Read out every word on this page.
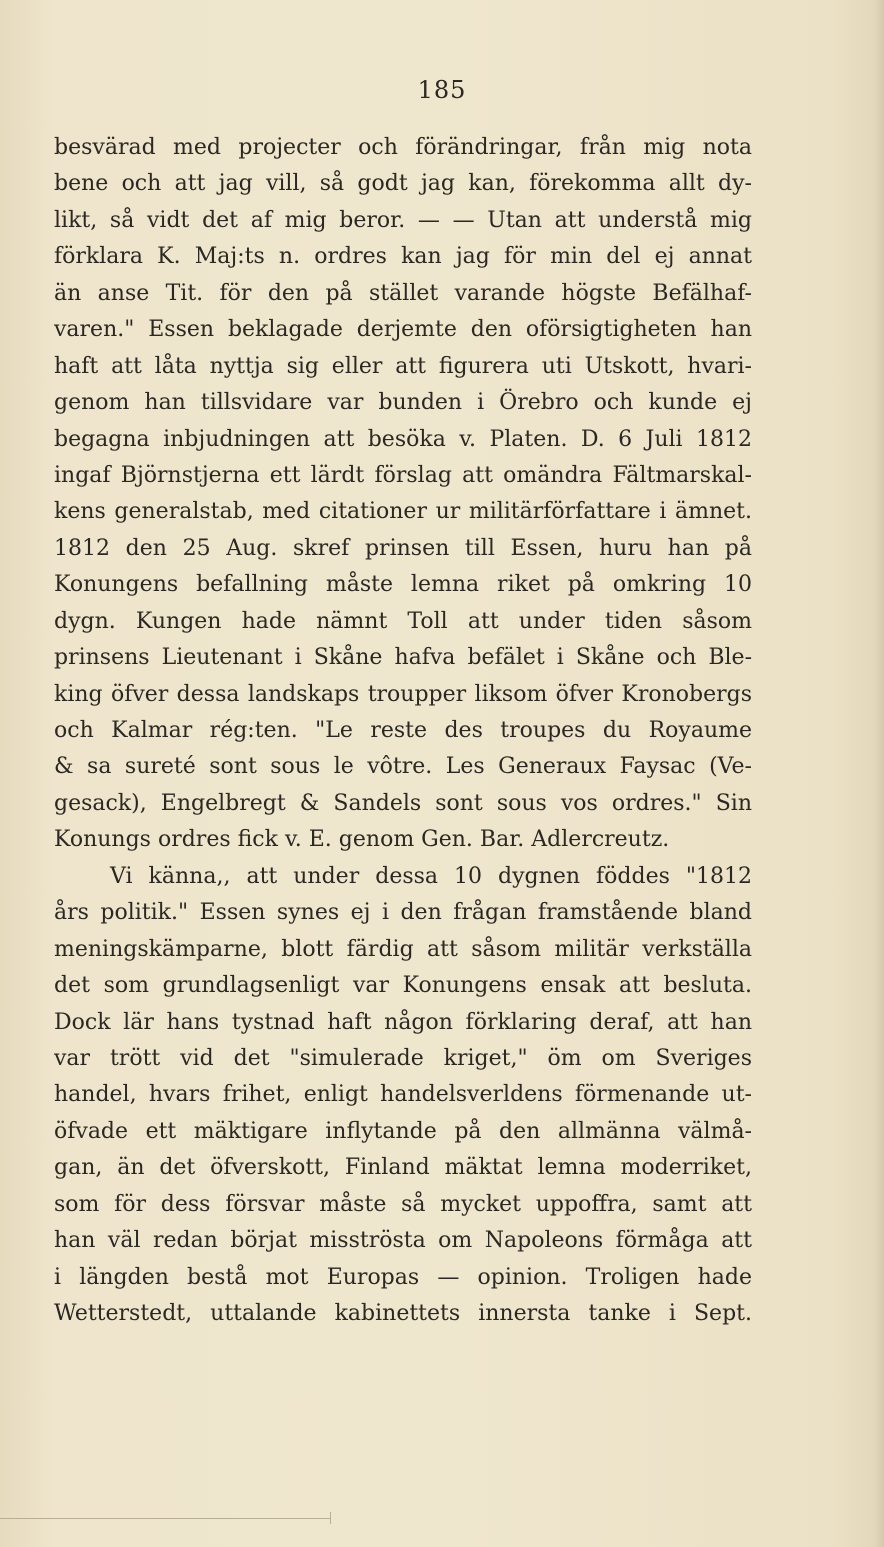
185
besvärad med projecter och förändringar, från mig nota
bene och att jag vill, så godt jag kan, förekomma allt dy-
likt, så vidt det af mig beror. — — Utan att understå mig
förklara K. Maj:ts n. ordres kan jag för min del ej annat
än anse Tit. för den på stället varande högste Befälhaf-
varen." Essen beklagade derjemte den oförsigtigheten han
haft att låta nyttja sig eller att figurera uti Utskott, hvari-
genom han tillsvidare var bunden i Örebro och kunde ej
begagna inbjudningen att besöka v. Platen. D. 6 Juli 1812
ingaf Björnstjerna ett lärdt förslag att omändra Fältmarskal-
kens generalstab, med citationer ur militärförfattare i ämnet.
1812 den 25 Aug. skref prinsen till Essen, huru han på
Konungens befallning måste lemna riket på omkring 10
dygn. Kungen hade nämnt Toll att under tiden såsom
prinsens Lieutenant i Skåne hafva befälet i Skåne och Ble-
king öfver dessa landskaps troupper liksom öfver Kronobergs
och Kalmar rég:ten. "Le reste des troupes du Royaume
& sa sureté sont sous le vôtre. Les Generaux Faysac (Ve-
gesack), Engelbregt & Sandels sont sous vos ordres." Sin
Konungs ordres fick v. E. genom Gen. Bar. Adlercreutz.
Vi känna,, att under dessa 10 dygnen föddes "1812
års politik." Essen synes ej i den frågan framstående bland
meningskämparne, blott färdig att såsom militär verkställa
det som grundlagsenligt var Konungens ensak att besluta.
Dock lär hans tystnad haft någon förklaring deraf, att han
var trött vid det "simulerade kriget," öm om Sveriges
handel, hvars frihet, enligt handelsverldens förmenande ut-
öfvade ett mäktigare inflytande på den allmänna välmå-
gan, än det öfverskott, Finland mäktat lemna moderriket,
som för dess försvar måste så mycket uppoffra, samt att
han väl redan börjat misströsta om Napoleons förmåga att
i längden bestå mot Europas — opinion. Troligen hade
Wetterstedt, uttalande kabinettets innersta tanke i Sept.
